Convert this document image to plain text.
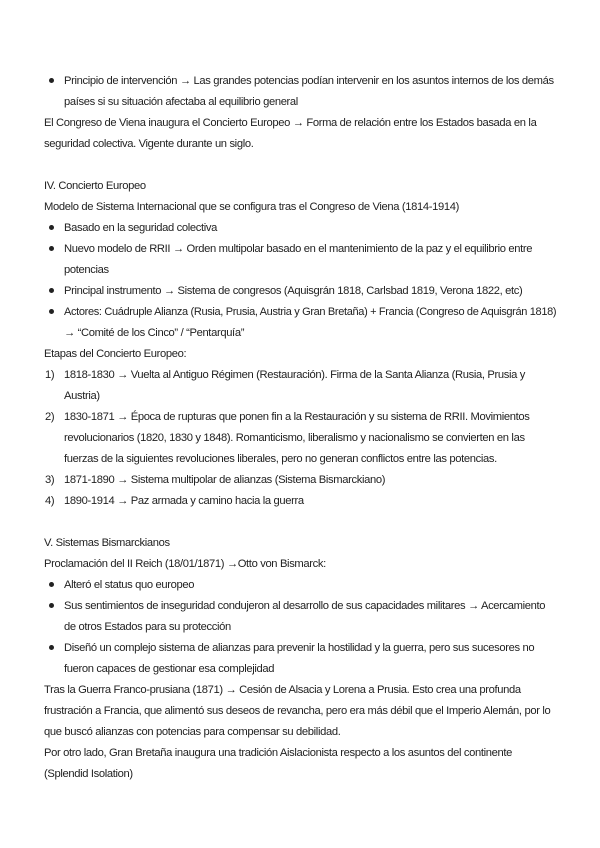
Principio de intervención → Las grandes potencias podían intervenir en los asuntos internos de los demás
países si su situación afectaba al equilibrio general
El Congreso de Viena inaugura el Concierto Europeo → Forma de relación entre los Estados basada en la
seguridad colectiva. Vigente durante un siglo.
IV. Concierto Europeo
Modelo de Sistema Internacional que se configura tras el Congreso de Viena (1814-1914)
Basado en la seguridad colectiva
Nuevo modelo de RRII → Orden multipolar basado en el mantenimiento de la paz y el equilibrio entre
potencias
Principal instrumento → Sistema de congresos (Aquisgrán 1818, Carlsbad 1819, Verona 1822, etc)
Actores: Cuádruple Alianza (Rusia, Prusia, Austria y Gran Bretaña) + Francia (Congreso de Aquisgrán 1818)
→ “Comité de los Cinco” / “Pentarquía”
Etapas del Concierto Europeo:
1) 1818-1830 → Vuelta al Antiguo Régimen (Restauración). Firma de la Santa Alianza (Rusia, Prusia y
Austria)
2) 1830-1871 → Época de rupturas que ponen fin a la Restauración y su sistema de RRII. Movimientos
revolucionarios (1820, 1830 y 1848). Romanticismo, liberalismo y nacionalismo se convierten en las
fuerzas de la siguientes revoluciones liberales, pero no generan conflictos entre las potencias.
3) 1871-1890 → Sistema multipolar de alianzas (Sistema Bismarckiano)
4) 1890-1914 → Paz armada y camino hacia la guerra
V. Sistemas Bismarckianos
Proclamación del II Reich (18/01/1871) →Otto von Bismarck:
Alteró el status quo europeo
Sus sentimientos de inseguridad condujeron al desarrollo de sus capacidades militares → Acercamiento
de otros Estados para su protección
Diseñó un complejo sistema de alianzas para prevenir la hostilidad y la guerra, pero sus sucesores no
fueron capaces de gestionar esa complejidad
Tras la Guerra Franco-prusiana (1871) → Cesión de Alsacia y Lorena a Prusia. Esto crea una profunda
frustración a Francia, que alimentó sus deseos de revancha, pero era más débil que el Imperio Alemán, por lo
que buscó alianzas con potencias para compensar su debilidad.
Por otro lado, Gran Bretaña inaugura una tradición Aislacionista respecto a los asuntos del continente
(Splendid Isolation)
